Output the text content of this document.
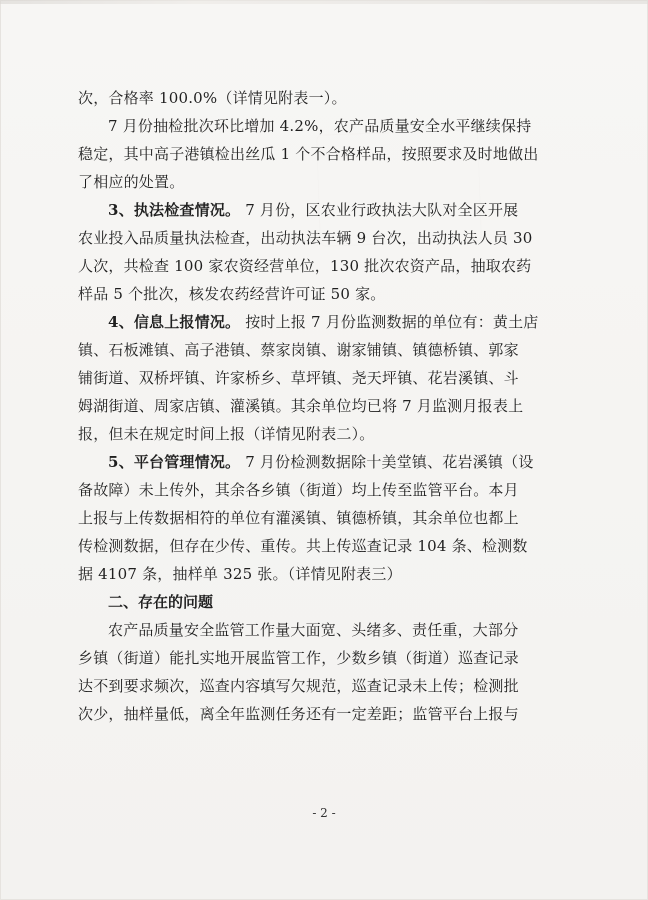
次，合格率 100.0%（详情见附表一）。
7 月份抽检批次环比增加 4.2%，农产品质量安全水平继续保持
稳定，其中高子港镇检出丝瓜 1 个不合格样品，按照要求及时地做出
了相应的处置。
3、执法检查情况。 7 月份，区农业行政执法大队对全区开展
农业投入品质量执法检查，出动执法车辆 9 台次，出动执法人员 30
人次，共检查 100 家农资经营单位，130 批次农资产品，抽取农药
样品 5 个批次，核发农药经营许可证 50 家。
4、信息上报情况。 按时上报 7 月份监测数据的单位有：黄土店
镇、石板滩镇、高子港镇、蔡家岗镇、谢家铺镇、镇德桥镇、郭家
铺街道、双桥坪镇、许家桥乡、草坪镇、尧天坪镇、花岩溪镇、斗
姆湖街道、周家店镇、灌溪镇。其余单位均已将 7 月监测月报表上
报，但未在规定时间上报（详情见附表二）。
5、平台管理情况。 7 月份检测数据除十美堂镇、花岩溪镇（设
备故障）未上传外，其余各乡镇（街道）均上传至监管平台。本月
上报与上传数据相符的单位有灌溪镇、镇德桥镇，其余单位也都上
传检测数据，但存在少传、重传。共上传巡查记录 104 条、检测数
据 4107 条，抽样单 325 张。（详情见附表三）
二、存在的问题
农产品质量安全监管工作量大面宽、头绪多、责任重，大部分
乡镇（街道）能扎实地开展监管工作，少数乡镇（街道）巡查记录
达不到要求频次，巡查内容填写欠规范，巡查记录未上传；检测批
次少，抽样量低，离全年监测任务还有一定差距；监管平台上报与
- 2 -
